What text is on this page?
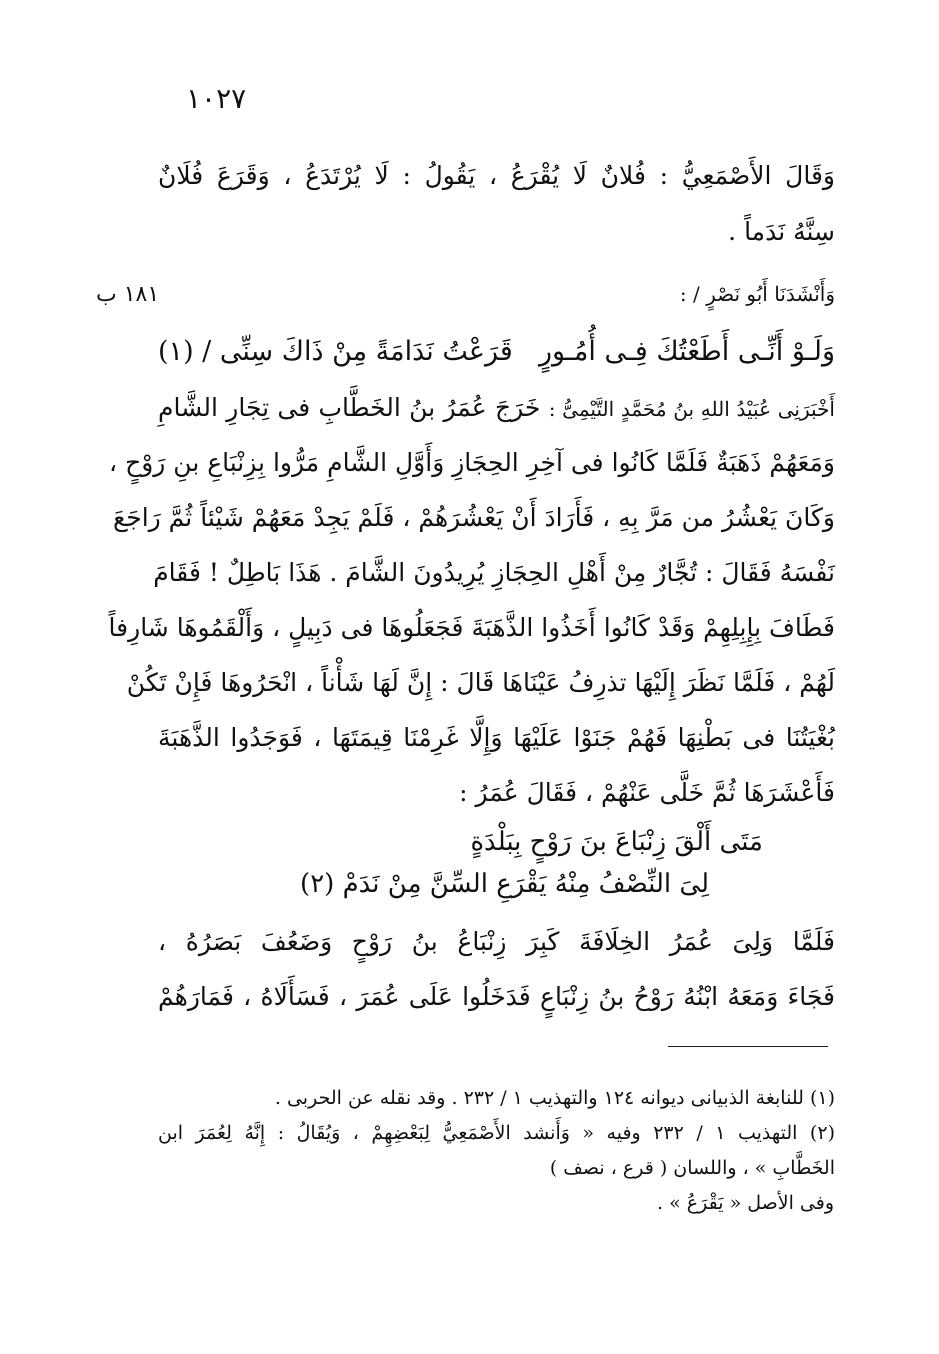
١٠٢٧
وَقَالَ الأَصْمَعِيُّ : فُلانٌ لَا يُقْرَعُ ، يَقُولُ : لَا يُرْتَدَعُ ، وَقَرَعَ فُلَانٌ
سِنَّهُ نَدَماً .
وَأَنْشَدَنَا أَبُو نَصْرٍ / :
١٨١ ب
وَلَـوْ أَنِّـى أَطَعْتُكَ فِـى أُمُـورٍ
قَرَعْتُ نَدَامَةً مِنْ ذَاكَ سِنِّى / (١)
أَخْبَرَنِى عُبَيْدُ اللهِ بنُ مُحَمَّدٍ التَّيْمِىُّ : خَرَجَ عُمَرُ بنُ الخَطَّابِ فى تِجَارِ الشَّامِ
وَمَعَهُمْ ذَهَبَةٌ فَلَمَّا كَانُوا فى آخِرِ الحِجَازِ وَأَوَّلِ الشَّامِ مَرُّوا بِزِنْبَاعِ بنِ رَوْحٍ ،
وَكَانَ يَعْشُرُ من مَرَّ بِهِ ، فَأَرَادَ أَنْ يَعْشُرَهُمْ ، فَلَمْ يَجِدْ مَعَهُمْ شَيْئاً ثُمَّ رَاجَعَ
نَفْسَهُ فَقَالَ : تُجَّارٌ مِنْ أَهْلِ الحِجَازِ يُرِيدُونَ الشَّامَ . هَذَا بَاطِلٌ ! فَقَامَ
فَطَافَ بِإِبِلِهِمْ وَقَدْ كَانُوا أَخَذُوا الذَّهَبَةَ فَجَعَلُوهَا فى دَبِيلٍ ، وَأَلْقَمُوهَا شَارِفاً
لَهُمْ ، فَلَمَّا نَظَرَ إِلَيْهَا تذرِفُ عَيْنَاهَا قَالَ : إِنَّ لَهَا شَأْناً ، انْحَرُوهَا فَإِنْ تَكُنْ
بُغْيَتُنَا فى بَطْنِهَا فَهُمْ جَنَوْا عَلَيْهَا وَإِلَّا غَرِمْنَا قِيمَتَهَا ، فَوَجَدُوا الذَّهَبَةَ
فَأَعْشَرَهَا ثُمَّ خَلَّى عَنْهُمْ ، فَقَالَ عُمَرُ :
مَتَى أَلْقَ زِنْبَاعَ بنَ رَوْحٍ بِبَلْدَةٍ
لِىَ النِّصْفُ مِنْهُ يَقْرَعِ السِّنَّ مِنْ نَدَمْ (٢)
فَلَمَّا وَلِىَ عُمَرُ الخِلَافَةَ كَبِرَ زِنْبَاعُ بنُ رَوْحٍ وَضَعُفَ بَصَرُهُ ،
فَجَاءَ وَمَعَهُ ابْنُهُ رَوْحُ بنُ زِنْبَاعٍ فَدَخَلُوا عَلَى عُمَرَ ، فَسَأَلَاهُ ، فَمَارَهُمْ
(١) للنابغة الذبيانى ديوانه ١٢٤ والتهذيب ١ / ٢٣٢ . وقد نقله عن الحربى .
(٢) التهذيب ١ / ٢٣٢ وفيه « وَأَنشد الأَصْمَعِيُّ لِبَعْضِهِمْ ، وَيُقَالُ : إِنَّهُ لِعُمَرَ ابن
الخَطَّابِ » ، واللسان ( قرع ، نصف )
وفى الأصل « يَقْرَعُ » .
